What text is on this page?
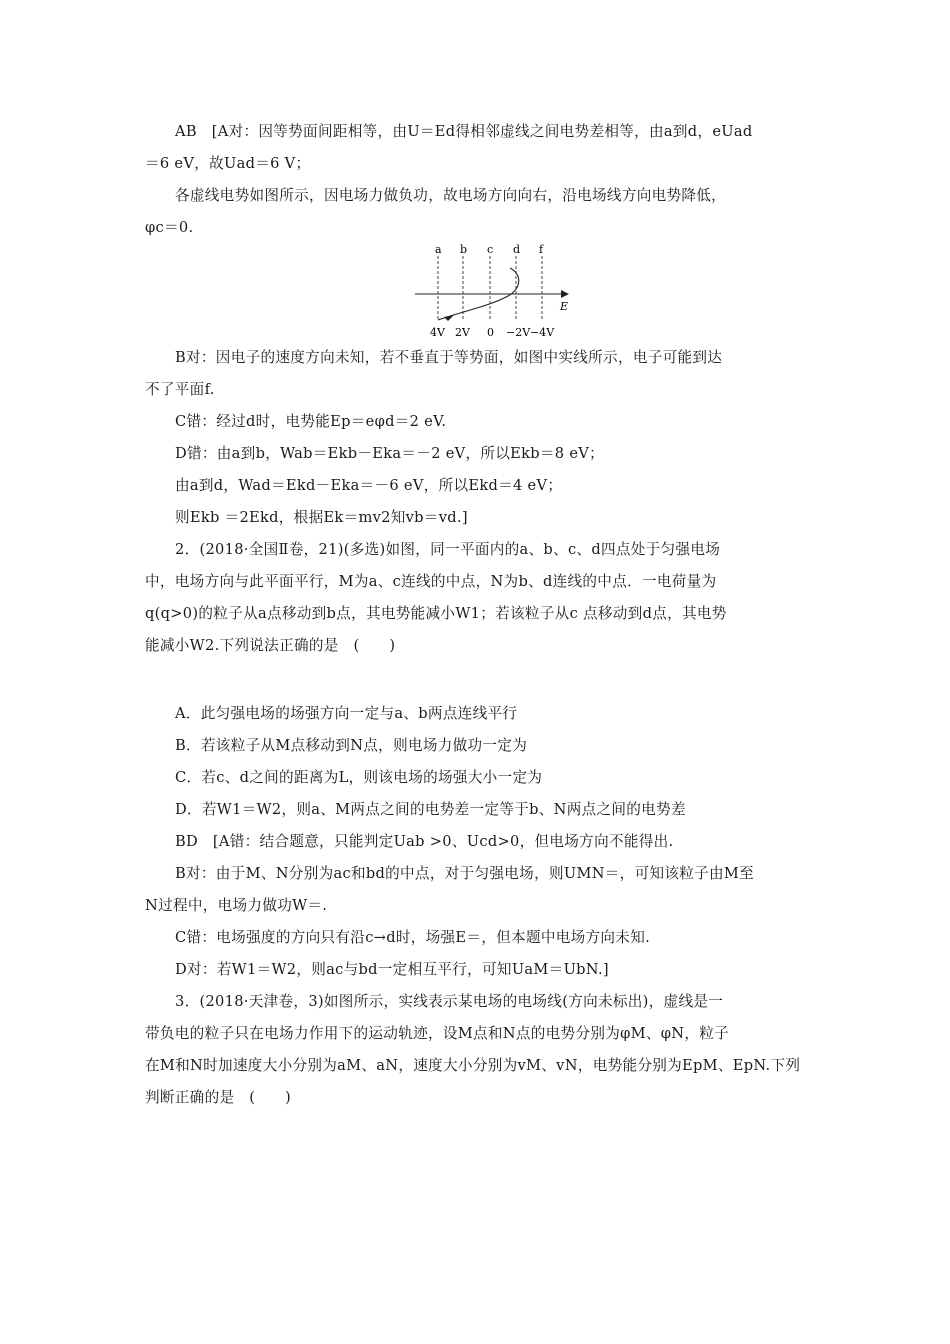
AB　[A对：因等势面间距相等，由U＝Ed得相邻虚线之间电势差相等，由a到d，eUad

＝6 eV，故Uad＝6 V；

各虚线电势如图所示，因电场力做负功，故电场方向向右，沿电场线方向电势降低，

φc＝0.

a b c d f
4V 2V 0 −2V −4V
E

B对：因电子的速度方向未知，若不垂直于等势面，如图中实线所示，电子可能到达

不了平面f.

C错：经过d时，电势能Ep＝eφd＝2 eV.

D错：由a到b，Wab＝Ekb－Eka＝－2 eV，所以Ekb＝8 eV；

由a到d，Wad＝Ekd－Eka＝－6 eV，所以Ekd＝4 eV；

则Ekb ＝2Ekd，根据Ek＝mv2知vb＝vd.]

2．(2018·全国Ⅱ卷，21)(多选)如图，同一平面内的a、b、c、d四点处于匀强电场

中，电场方向与此平面平行，M为a、c连线的中点，N为b、d连线的中点．一电荷量为

q(q>0)的粒子从a点移动到b点，其电势能减小W1；若该粒子从c 点移动到d点，其电势

能减小W2.下列说法正确的是　(　　)

A．此匀强电场的场强方向一定与a、b两点连线平行

B．若该粒子从M点移动到N点，则电场力做功一定为

C．若c、d之间的距离为L，则该电场的场强大小一定为

D．若W1＝W2，则a、M两点之间的电势差一定等于b、N两点之间的电势差

BD　[A错：结合题意，只能判定Uab >0、Ucd>0，但电场方向不能得出.

B对：由于M、N分别为ac和bd的中点，对于匀强电场，则UMN＝，可知该粒子由M至

N过程中，电场力做功W＝.

C错：电场强度的方向只有沿c→d时，场强E＝，但本题中电场方向未知.

D对：若W1＝W2，则ac与bd一定相互平行，可知UaM＝UbN.]

3．(2018·天津卷，3)如图所示，实线表示某电场的电场线(方向未标出)，虚线是一

带负电的粒子只在电场力作用下的运动轨迹，设M点和N点的电势分别为φM、φN，粒子

在M和N时加速度大小分别为aM、aN，速度大小分别为vM、vN，电势能分别为EpM、EpN.下列

判断正确的是　(　　)
